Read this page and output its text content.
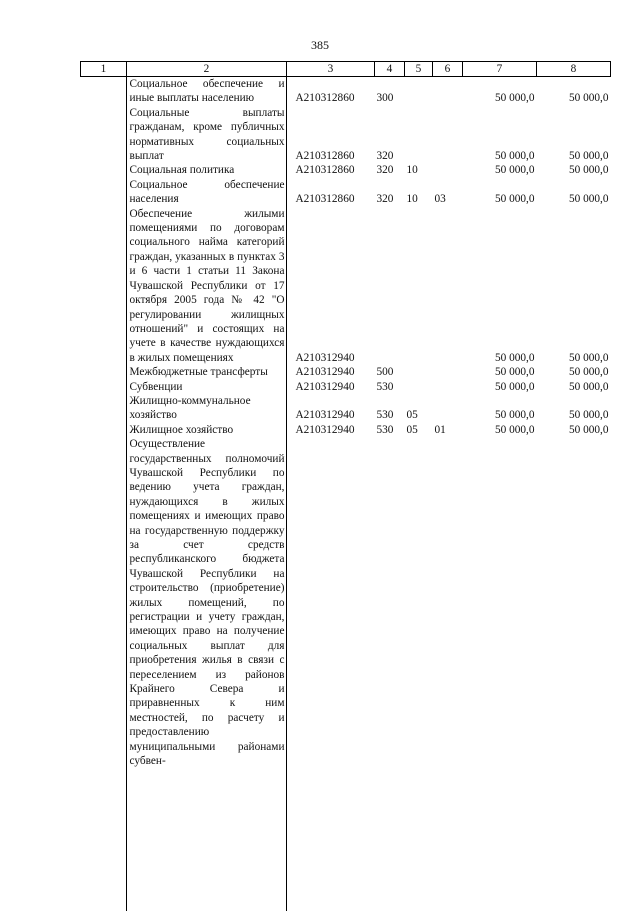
385
1	2	3	4	5	6	7	8
	Социальное обеспечение и иные выплаты населению	А210312860	300			50 000,0	50 000,0
	Социальные выплаты гражданам, кроме публичных нормативных социальных выплат	А210312860	320			50 000,0	50 000,0
	Социальная политика	А210312860	320	10		50 000,0	50 000,0
	Социальное обеспечение населения	А210312860	320	10	03	50 000,0	50 000,0
	Обеспечение жилыми помещениями по договорам социального найма категорий граждан, указанных в пунктах 3 и 6 части 1 статьи 11 Закона Чувашской Республики от 17 октября 2005 года № 42 "О регулировании жилищных отношений" и состоящих на учете в качестве нуждающихся в жилых помещениях	А210312940				50 000,0	50 000,0
	Межбюджетные трансферты	А210312940	500			50 000,0	50 000,0
	Субвенции	А210312940	530			50 000,0	50 000,0
	Жилищно-коммунальное хозяйство	А210312940	530	05		50 000,0	50 000,0
	Жилищное хозяйство	А210312940	530	05	01	50 000,0	50 000,0
	Осуществление государственных полномочий Чувашской Республики по ведению учета граждан, нуждающихся в жилых помещениях и имеющих право на государственную поддержку за счет средств республиканского бюджета Чувашской Республики на строительство (приобретение) жилых помещений, по регистрации и учету граждан, имеющих право на получение социальных выплат для приобретения жилья в связи с переселением из районов Крайнего Севера и приравненных к ним местностей, по расчету и предоставлению муниципальными районами субвен-						
